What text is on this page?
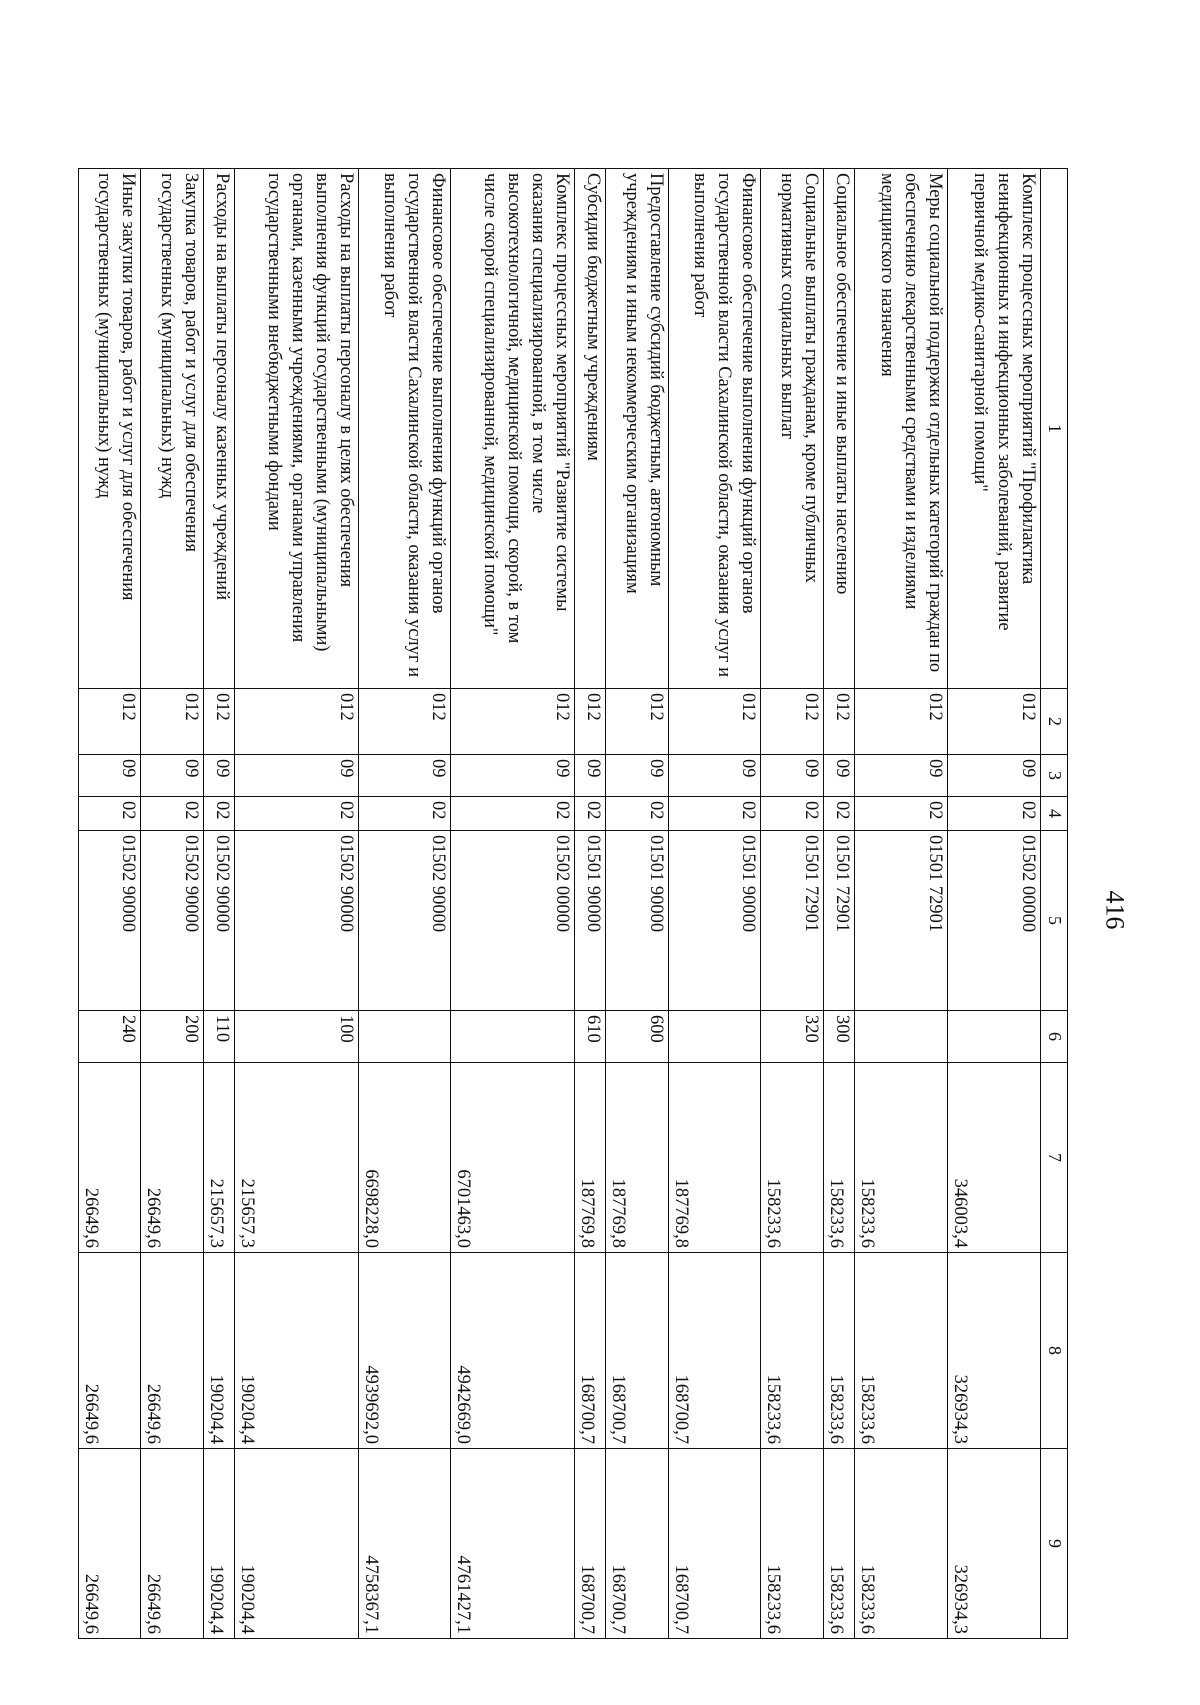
416
1	2	3	4	5	6	7	8	9
Комплекс процессных мероприятий "Профилактика неинфекционных и инфекционных заболеваний, развитие первичной медико-санитарной помощи"	012	09	02	01502 00000		346003,4	326934,3	326934,3
Меры социальной поддержки отдельных категорий граждан по обеспечению лекарственными средствами и изделиями медицинского назначения	012	09	02	01501 72901		158233,6	158233,6	158233,6
Социальное обеспечение и иные выплаты населению	012	09	02	01501 72901	300	158233,6	158233,6	158233,6
Социальные выплаты гражданам, кроме публичных нормативных социальных выплат	012	09	02	01501 72901	320	158233,6	158233,6	158233,6
Финансовое обеспечение выполнения функций органов государственной власти Сахалинской области, оказания услуг и выполнения работ	012	09	02	01501 90000		187769,8	168700,7	168700,7
Предоставление субсидий бюджетным, автономным учреждениям и иным некоммерческим организациям	012	09	02	01501 90000	600	187769,8	168700,7	168700,7
Субсидии бюджетным учреждениям	012	09	02	01501 90000	610	187769,8	168700,7	168700,7
Комплекс процессных мероприятий "Развитие системы оказания специализированной, в том числе высокотехнологичной, медицинской помощи, скорой, в том числе скорой специализированной, медицинской помощи"	012	09	02	01502 00000		6701463,0	4942669,0	4761427,1
Финансовое обеспечение выполнения функций органов государственной власти Сахалинской области, оказания услуг и выполнения работ	012	09	02	01502 90000		6698228,0	4939692,0	4758367,1
Расходы на выплаты персоналу в целях обеспечения выполнения функций государственными (муниципальными) органами, казенными учреждениями, органами управления государственными внебюджетными фондами	012	09	02	01502 90000	100	215657,3	190204,4	190204,4
Расходы на выплаты персоналу казенных учреждений	012	09	02	01502 90000	110	215657,3	190204,4	190204,4
Закупка товаров, работ и услуг для обеспечения государственных (муниципальных) нужд	012	09	02	01502 90000	200	26649,6	26649,6	26649,6
Иные закупки товаров, работ и услуг для обеспечения государственных (муниципальных) нужд	012	09	02	01502 90000	240	26649,6	26649,6	26649,6
